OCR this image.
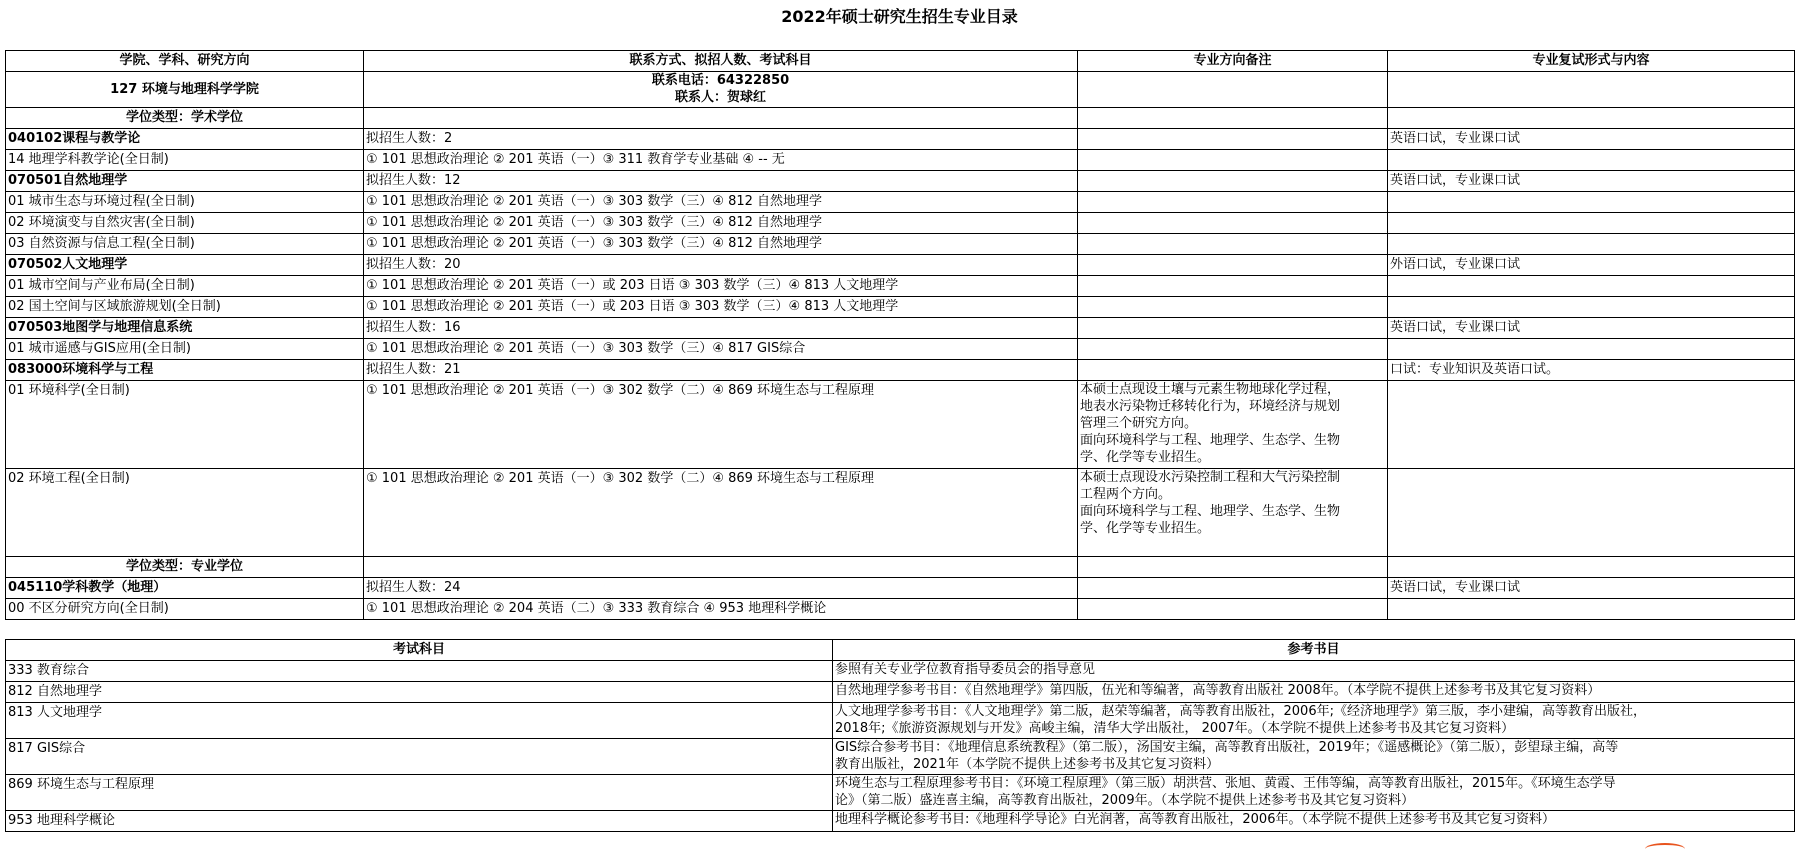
2022年硕士研究生招生专业目录
学院、学科、研究方向	联系方式、拟招人数、考试科目	专业方向备注	专业复试形式与内容
127 环境与地理科学学院	联系电话：64322850
联系人：贺球红		

学位类型：学术学位			
040102课程与教学论	拟招生人数：2		英语口试，专业课口试
14 地理学科教学论(全日制)	① 101 思想政治理论 ② 201 英语（一）③ 311 教育学专业基础 ④ -- 无		
070501自然地理学	拟招生人数：12		英语口试，专业课口试
01 城市生态与环境过程(全日制)	① 101 思想政治理论 ② 201 英语（一）③ 303 数学（三）④ 812 自然地理学		
02 环境演变与自然灾害(全日制)	① 101 思想政治理论 ② 201 英语（一）③ 303 数学（三）④ 812 自然地理学		
03 自然资源与信息工程(全日制)	① 101 思想政治理论 ② 201 英语（一）③ 303 数学（三）④ 812 自然地理学		
070502人文地理学	拟招生人数：20		外语口试，专业课口试
01 城市空间与产业布局(全日制)	① 101 思想政治理论 ② 201 英语（一）或 203 日语 ③ 303 数学（三）④ 813 人文地理学		
02 国土空间与区域旅游规划(全日制)	① 101 思想政治理论 ② 201 英语（一）或 203 日语 ③ 303 数学（三）④ 813 人文地理学		
070503地图学与地理信息系统	拟招生人数：16		英语口试，专业课口试
01 城市遥感与GIS应用(全日制)	① 101 思想政治理论 ② 201 英语（一）③ 303 数学（三）④ 817 GIS综合		
083000环境科学与工程	拟招生人数：21		口试：专业知识及英语口试。
01 环境科学(全日制)	① 101 思想政治理论 ② 201 英语（一）③ 302 数学（二）④ 869 环境生态与工程原理	本硕士点现设土壤与元素生物地球化学过程，
地表水污染物迁移转化行为，环境经济与规划
管理三个研究方向。
面向环境科学与工程、地理学、生态学、生物
学、化学等专业招生。	

02 环境工程(全日制)	① 101 思想政治理论 ② 201 英语（一）③ 302 数学（二）④ 869 环境生态与工程原理	本硕士点现设水污染控制工程和大气污染控制
工程两个方向。
面向环境科学与工程、地理学、生态学、生物
学、化学等专业招生。	

学位类型：专业学位			
045110学科教学（地理）	拟招生人数：24		英语口试，专业课口试
00 不区分研究方向(全日制)	① 101 思想政治理论 ② 204 英语（二）③ 333 教育综合 ④ 953 地理科学概论		
考试科目	参考书目
333 教育综合	参照有关专业学位教育指导委员会的指导意见

812 自然地理学	自然地理学参考书目：《自然地理学》第四版，伍光和等编著，高等教育出版社 2008年。（本学院不提供上述参考书及其它复习资料）

813 人文地理学	人文地理学参考书目：《人文地理学》第二版，赵荣等编著，高等教育出版社，2006年;《经济地理学》第三版，李小建编，高等教育出版社，
2018年;《旅游资源规划与开发》高峻主编，清华大学出版社， 2007年。（本学院不提供上述参考书及其它复习资料）

817 GIS综合	GIS综合参考书目：《地理信息系统教程》（第二版），汤国安主编，高等教育出版社，2019年；《遥感概论》（第二版），彭望琭主编，高等
教育出版社，2021年（本学院不提供上述参考书及其它复习资料）

869 环境生态与工程原理	环境生态与工程原理参考书目：《环境工程原理》（第三版）胡洪营、张旭、黄霞、王伟等编，高等教育出版社，2015年。《环境生态学导
论》（第二版）盛连喜主编，高等教育出版社，2009年。（本学院不提供上述参考书及其它复习资料）

953 地理科学概论	地理科学概论参考书目:《地理科学导论》白光润著，高等教育出版社，2006年。（本学院不提供上述参考书及其它复习资料）
